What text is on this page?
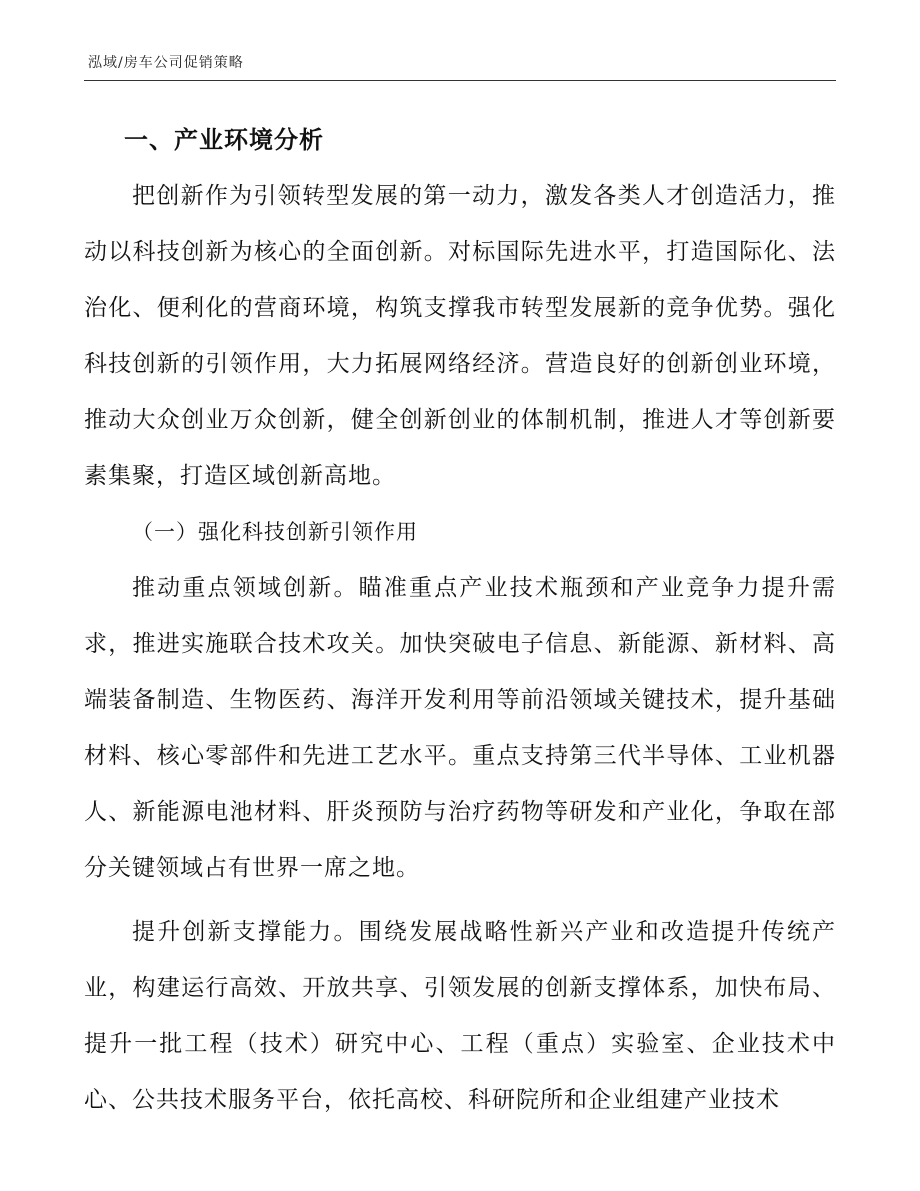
泓域/房车公司促销策略
一、产业环境分析

把创新作为引领转型发展的第一动力，激发各类人才创造活力，推动以科技创新为核心的全面创新。对标国际先进水平，打造国际化、法治化、便利化的营商环境，构筑支撑我市转型发展新的竞争优势。强化科技创新的引领作用，大力拓展网络经济。营造良好的创新创业环境，推动大众创业万众创新，健全创新创业的体制机制，推进人才等创新要素集聚，打造区域创新高地。

（一）强化科技创新引领作用

推动重点领域创新。瞄准重点产业技术瓶颈和产业竞争力提升需求，推进实施联合技术攻关。加快突破电子信息、新能源、新材料、高端装备制造、生物医药、海洋开发利用等前沿领域关键技术，提升基础材料、核心零部件和先进工艺水平。重点支持第三代半导体、工业机器人、新能源电池材料、肝炎预防与治疗药物等研发和产业化，争取在部分关键领域占有世界一席之地。

提升创新支撑能力。围绕发展战略性新兴产业和改造提升传统产业，构建运行高效、开放共享、引领发展的创新支撑体系，加快布局、提升一批工程（技术）研究中心、工程（重点）实验室、企业技术中心、公共技术服务平台，依托高校、科研院所和企业组建产业技术
